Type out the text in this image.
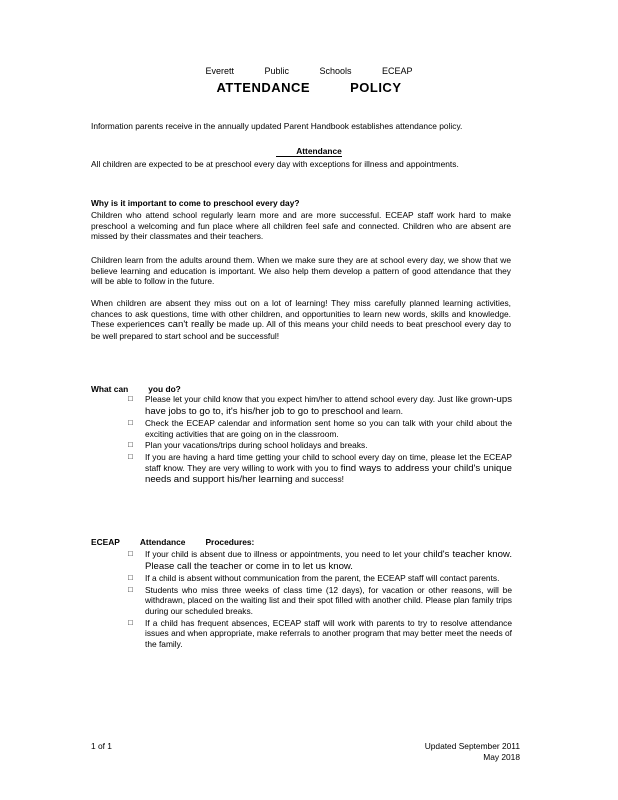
Everett Public Schools ECEAP
ATTENDANCE	POLICY
Information parents receive in the annually updated Parent Handbook establishes attendance policy.
Attendance
All children are expected to be at preschool every day with exceptions for illness and appointments.
Why is it important to come to preschool every day?
Children who attend school regularly learn more and are more successful. ECEAP staff work hard to make preschool a welcoming and fun place where all children feel safe and connected. Children who are absent are missed by their classmates and their teachers.
Children learn from the adults around them. When we make sure they are at school every day, we show that we believe learning and education is important. We also help them develop a pattern of good attendance that they will be able to follow in the future.
When children are absent they miss out on a lot of learning! They miss carefully planned learning activities, chances to ask questions, time with other children, and opportunities to learn new words, skills and knowledge. These experiences can't really be made up. All of this means your child needs to beat preschool every day to be well prepared to start school and be successful!
What can you do?
□ Please let your child know that you expect him/her to attend school every day. Just like grown-ups have jobs to go to, it's his/her job to go to preschool and learn.
□ Check the ECEAP calendar and information sent home so you can talk with your child about the exciting activities that are going on in the classroom.
□ Plan your vacations/trips during school holidays and breaks.
□ If you are having a hard time getting your child to school every day on time, please let the ECEAP staff know. They are very willing to work with you to find ways to address your child's unique needs and support his/her learning and success!
ECEAP Attendance Procedures:
□ If your child is absent due to illness or appointments, you need to let your child's teacher know. Please call the teacher or come in to let us know.
□ If a child is absent without communication from the parent, the ECEAP staff will contact parents.
□ Students who miss three weeks of class time (12 days), for vacation or other reasons, will be withdrawn, placed on the waiting list and their spot filled with another child. Please plan family trips during our scheduled breaks.
□ If a child has frequent absences, ECEAP staff will work with parents to try to resolve attendance issues and when appropriate, make referrals to another program that may better meet the needs of the family.
1 of 1	Updated September 2011
May 2018
